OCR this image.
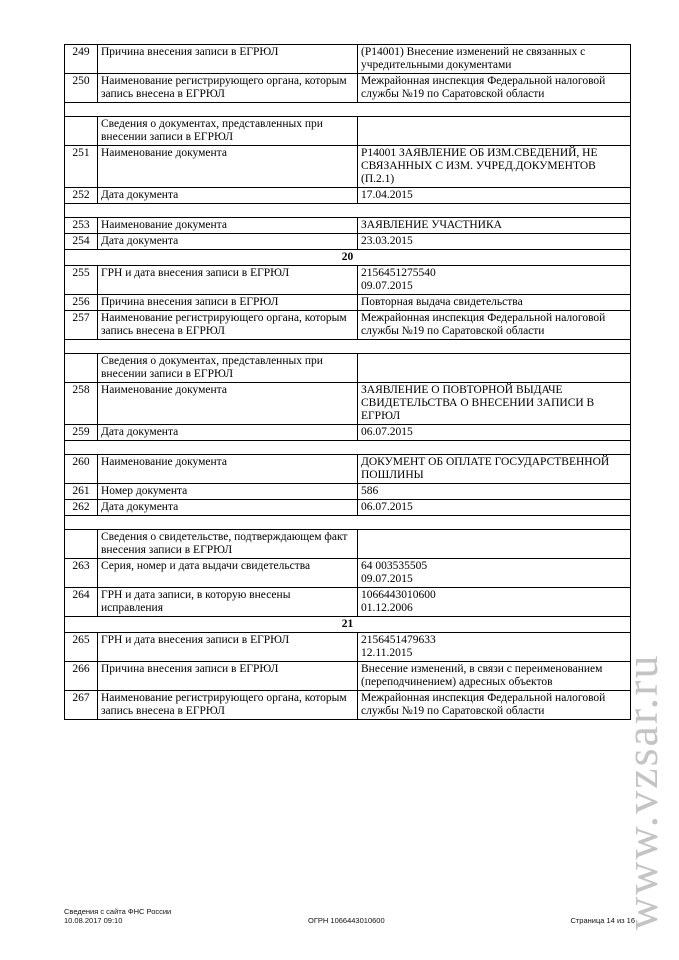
249	Причина внесения записи в ЕГРЮЛ	(Р14001) Внесение изменений не связанных с учредительными документами
250	Наименование регистрирующего органа, которым запись внесена в ЕГРЮЛ	Межрайонная инспекция Федеральной налоговой службы №19 по Саратовской области

	Сведения о документах, представленных при внесении записи в ЕГРЮЛ	
251	Наименование документа	Р14001 ЗАЯВЛЕНИЕ ОБ ИЗМ.СВЕДЕНИЙ, НЕ СВЯЗАННЫХ С ИЗМ. УЧРЕД.ДОКУМЕНТОВ (П.2.1)
252	Дата документа	17.04.2015

253	Наименование документа	ЗАЯВЛЕНИЕ УЧАСТНИКА
254	Дата документа	23.03.2015
20		
255	ГРН и дата внесения записи в ЕГРЮЛ	2156451275540
09.07.2015
256	Причина внесения записи в ЕГРЮЛ	Повторная выдача свидетельства
257	Наименование регистрирующего органа, которым запись внесена в ЕГРЮЛ	Межрайонная инспекция Федеральной налоговой службы №19 по Саратовской области

	Сведения о документах, представленных при внесении записи в ЕГРЮЛ	
258	Наименование документа	ЗАЯВЛЕНИЕ О ПОВТОРНОЙ ВЫДАЧЕ СВИДЕТЕЛЬСТВА О ВНЕСЕНИИ ЗАПИСИ В ЕГРЮЛ
259	Дата документа	06.07.2015

260	Наименование документа	ДОКУМЕНТ ОБ ОПЛАТЕ ГОСУДАРСТВЕННОЙ ПОШЛИНЫ
261	Номер документа	586
262	Дата документа	06.07.2015

	Сведения о свидетельстве, подтверждающем факт внесения записи в ЕГРЮЛ	
263	Серия, номер и дата выдачи свидетельства	64 003535505
09.07.2015
264	ГРН и дата записи, в которую внесены исправления	1066443010600
01.12.2006
21		
265	ГРН и дата внесения записи в ЕГРЮЛ	2156451479633
12.11.2015
266	Причина внесения записи в ЕГРЮЛ	Внесение изменений, в связи с переименованием (переподчинением) адресных объектов
267	Наименование регистрирующего органа, которым запись внесена в ЕГРЮЛ	Межрайонная инспекция Федеральной налоговой службы №19 по Саратовской области
Сведения с сайта ФНС России
10.08.2017 09:10	ОГРН 1066443010600	Страница 14 из 16
www.vzsar.ru
